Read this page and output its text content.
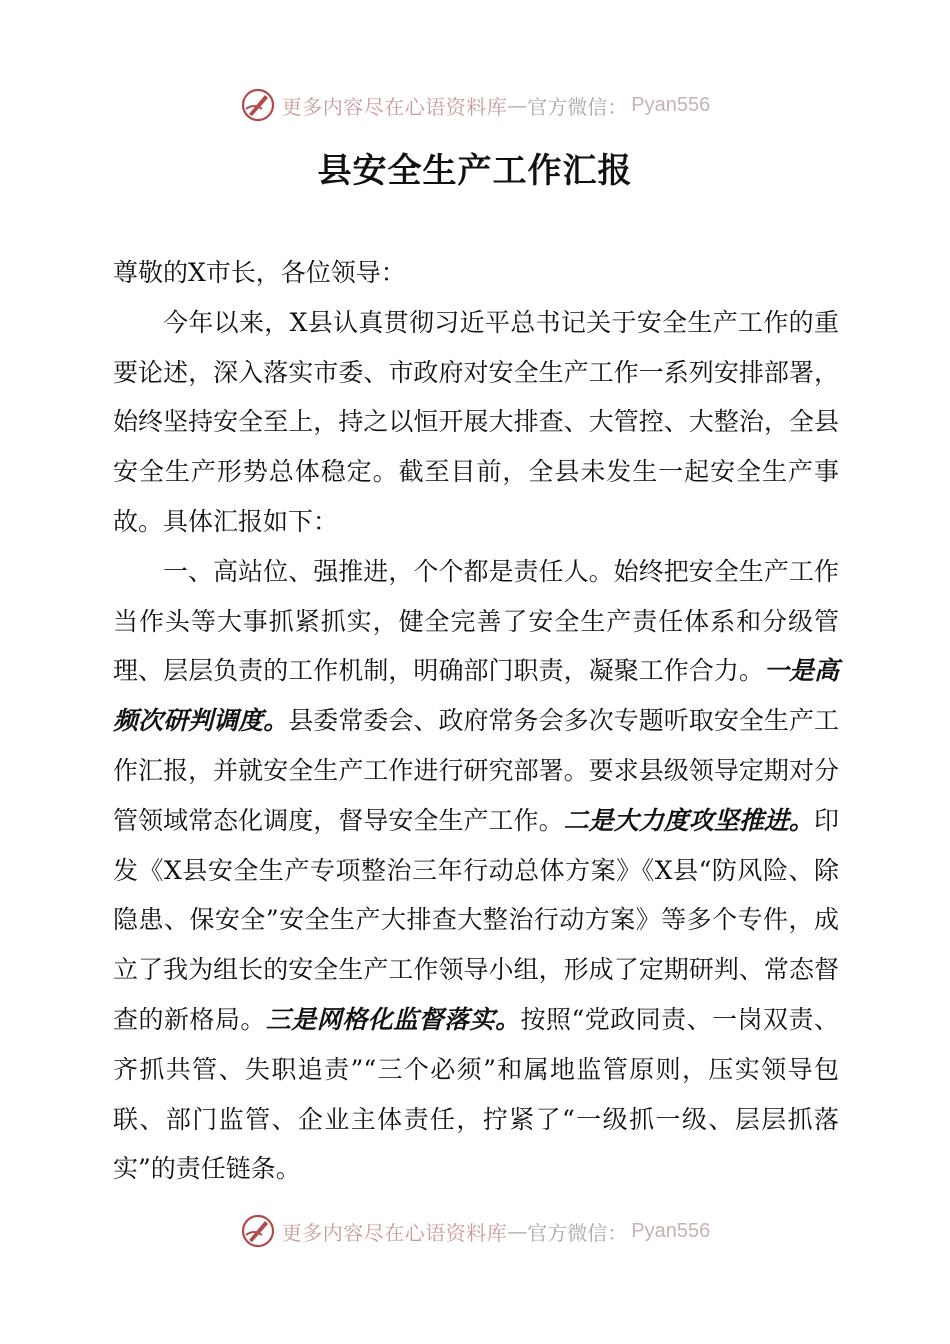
更多内容尽在心语资料库 — 官方微信： Pyan556
县安全生产工作汇报

尊敬的X市长，各位领导：

今年以来，X县认真贯彻习近平总书记关于安全生产工作的重要论述，深入落实市委、市政府对安全生产工作一系列安排部署，始终坚持安全至上，持之以恒开展大排查、大管控、大整治，全县安全生产形势总体稳定。截至目前，全县未发生一起安全生产事故。具体汇报如下：

一、高站位、强推进，个个都是责任人。始终把安全生产工作当作头等大事抓紧抓实，健全完善了安全生产责任体系和分级管理、层层负责的工作机制，明确部门职责，凝聚工作合力。一是高频次研判调度。县委常委会、政府常务会多次专题听取安全生产工作汇报，并就安全生产工作进行研究部署。要求县级领导定期对分管领域常态化调度，督导安全生产工作。二是大力度攻坚推进。印发《X县安全生产专项整治三年行动总体方案》《X县“防风险、除隐患、保安全”安全生产大排查大整治行动方案》等多个专件，成立了我为组长的安全生产工作领导小组，形成了定期研判、常态督查的新格局。三是网格化监督落实。按照“党政同责、一岗双责、齐抓共管、失职追责”“三个必须”和属地监管原则，压实领导包联、部门监管、企业主体责任，拧紧了“一级抓一级、层层抓落实”的责任链条。

更多内容尽在心语资料库 — 官方微信： Pyan556
